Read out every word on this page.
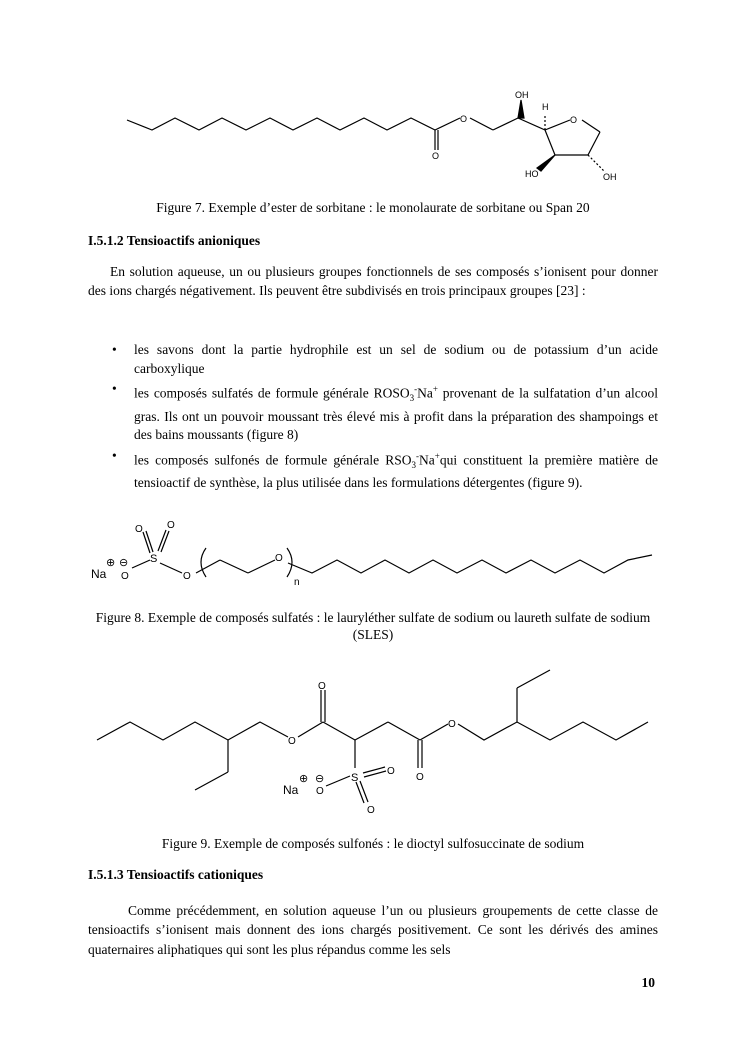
OH
H
O
O
O
HO	OH
Figure 7. Exemple d’ester de sorbitane : le monolaurate de sorbitane ou Span 20
I.5.1.2 Tensioactifs anioniques
En solution aqueuse, un ou plusieurs groupes fonctionnels de ses composés s’ionisent pour donner des ions chargés négativement. Ils peuvent être subdivisés en trois principaux groupes [23] :
• les savons dont la partie hydrophile est un sel de sodium ou de potassium d’un acide carboxylique
• les composés sulfatés de formule générale $ROSO_3^-Na^+$ provenant de la sulfatation d’un alcool gras. Ils ont un pouvoir moussant très élevé mis à profit dans la préparation des shampoings et des bains moussants (figure 8)
• les composés sulfonés de formule générale $RSO_3^-Na^+qui$ constituent la première matière de tensioactif de synthèse, la plus utilisée dans les formulations détergentes (figure 9).
O O
S
⊕ ⊖
Na O	O
O
n
Figure 8. Exemple de composés sulfatés : le lauryléther sulfate de sodium ou laureth sulfate de sodium (SLES)
O
O
O
O
S
O
O
⊕ ⊖
Na O
Figure 9. Exemple de composés sulfonés : le dioctyl sulfosuccinate de sodium
I.5.1.3 Tensioactifs cationiques
Comme précédemment, en solution aqueuse l’un ou plusieurs groupements de cette classe de tensioactifs s’ionisent mais donnent des ions chargés positivement. Ce sont les dérivés des amines quaternaires aliphatiques qui sont les plus répandus comme les sels
10
